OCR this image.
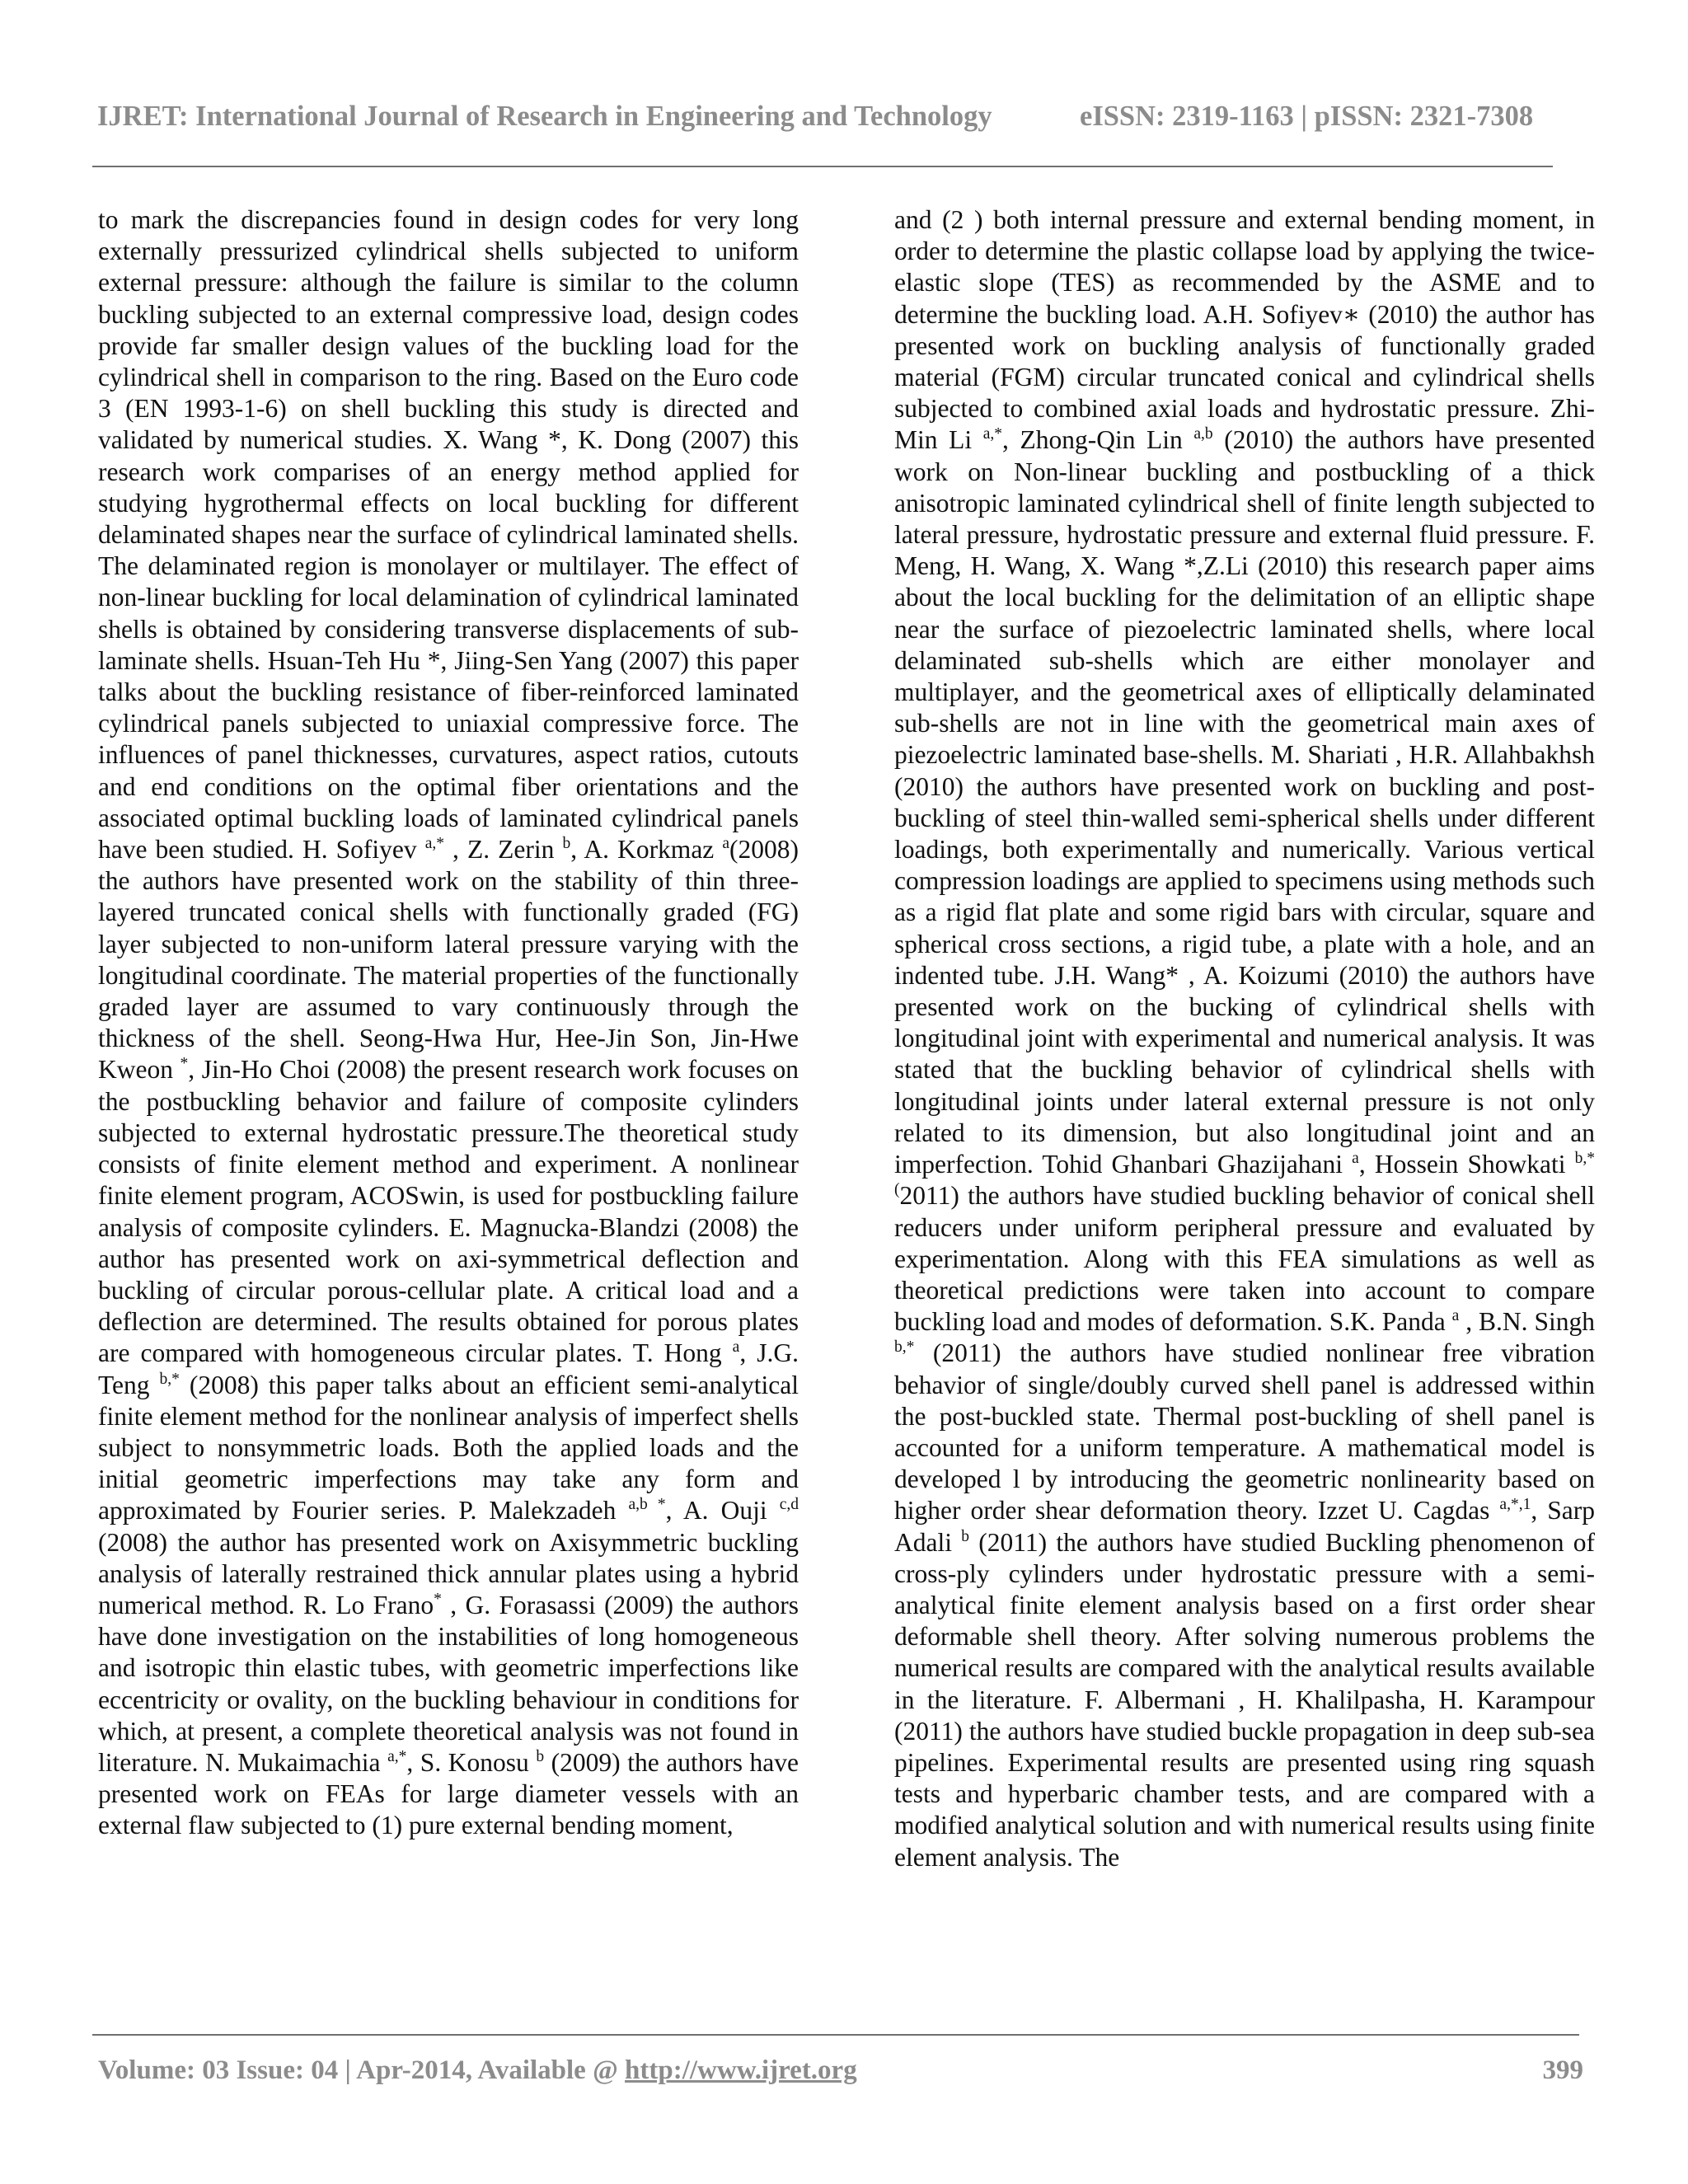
IJRET: International Journal of Research in Engineering and Technology	eISSN: 2319-1163 | pISSN: 2321-7308
to mark the discrepancies found in design codes for very long externally pressurized cylindrical shells subjected to uniform external pressure: although the failure is similar to the column buckling subjected to an external compressive load, design codes provide far smaller design values of the buckling load for the cylindrical shell in comparison to the ring. Based on the Euro code 3 (EN 1993-1-6) on shell buckling this study is directed and validated by numerical studies. X. Wang *, K. Dong (2007) this research work comparises of an energy method applied for studying hygrothermal effects on local buckling for different delaminated shapes near the surface of cylindrical laminated shells. The delaminated region is monolayer or multilayer. The effect of non-linear buckling for local delamination of cylindrical laminated shells is obtained by considering transverse displacements of sub-laminate shells. Hsuan-Teh Hu *, Jiing-Sen Yang (2007) this paper talks about the buckling resistance of fiber-reinforced laminated cylindrical panels subjected to uniaxial compressive force. The influences of panel thicknesses, curvatures, aspect ratios, cutouts and end conditions on the optimal fiber orientations and the associated optimal buckling loads of laminated cylindrical panels have been studied. H. Sofiyev $^{a,*}$ , Z. Zerin $^b$, A. Korkmaz $^a$(2008) the authors have presented work on the stability of thin three-layered truncated conical shells with functionally graded (FG) layer subjected to non-uniform lateral pressure varying with the longitudinal coordinate. The material properties of the functionally graded layer are assumed to vary continuously through the thickness of the shell. Seong-Hwa Hur, Hee-Jin Son, Jin-Hwe Kweon *, Jin-Ho Choi (2008) the present research work focuses on the postbuckling behavior and failure of composite cylinders subjected to external hydrostatic pressure.The theoretical study consists of finite element method and experiment. A nonlinear finite element program, ACOSwin, is used for postbuckling failure analysis of composite cylinders. E. Magnucka-Blandzi (2008) the author has presented work on axi-symmetrical deflection and buckling of circular porous-cellular plate. A critical load and a deflection are determined. The results obtained for porous plates are compared with homogeneous circular plates. T. Hong $^a$, J.G. Teng $^{b,*}$ (2008) this paper talks about an efficient semi-analytical finite element method for the nonlinear analysis of imperfect shells subject to nonsymmetric loads. Both the applied loads and the initial geometric imperfections may take any form and approximated by Fourier series. P. Malekzadeh $^{a,b *}$, A. Ouji $^{c,d}$ (2008) the author has presented work on Axisymmetric buckling analysis of laterally restrained thick annular plates using a hybrid numerical method. R. Lo Frano* , G. Forasassi (2009) the authors have done investigation on the instabilities of long homogeneous and isotropic thin elastic tubes, with geometric imperfections like eccentricity or ovality, on the buckling behaviour in conditions for which, at present, a complete theoretical analysis was not found in literature. N. Mukaimachia $^{a,*}$, S. Konosu $^b$ (2009) the authors have presented work on FEAs for large diameter vessels with an external flaw subjected to (1) pure external bending moment,
and (2 ) both internal pressure and external bending moment, in order to determine the plastic collapse load by applying the twice-elastic slope (TES) as recommended by the ASME and to determine the buckling load. A.H. Sofiyev∗ (2010) the author has presented work on buckling analysis of functionally graded material (FGM) circular truncated conical and cylindrical shells subjected to combined axial loads and hydrostatic pressure. Zhi-Min Li $^{a,*}$, Zhong-Qin Lin $^{a,b}$ (2010) the authors have presented work on Non-linear buckling and postbuckling of a thick anisotropic laminated cylindrical shell of finite length subjected to lateral pressure, hydrostatic pressure and external fluid pressure. F. Meng, H. Wang, X. Wang *,Z.Li (2010) this research paper aims about the local buckling for the delimitation of an elliptic shape near the surface of piezoelectric laminated shells, where local delaminated sub-shells which are either monolayer and multiplayer, and the geometrical axes of elliptically delaminated sub-shells are not in line with the geometrical main axes of piezoelectric laminated base-shells. M. Shariati , H.R. Allahbakhsh (2010) the authors have presented work on buckling and post-buckling of steel thin-walled semi-spherical shells under different loadings, both experimentally and numerically. Various vertical compression loadings are applied to specimens using methods such as a rigid flat plate and some rigid bars with circular, square and spherical cross sections, a rigid tube, a plate with a hole, and an indented tube. J.H. Wang* , A. Koizumi (2010) the authors have presented work on the bucking of cylindrical shells with longitudinal joint with experimental and numerical analysis. It was stated that the buckling behavior of cylindrical shells with longitudinal joints under lateral external pressure is not only related to its dimension, but also longitudinal joint and an imperfection. Tohid Ghanbari Ghazijahani $^a$, Hossein Showkati $^{b,*(}$2011) the authors have studied buckling behavior of conical shell reducers under uniform peripheral pressure and evaluated by experimentation. Along with this FEA simulations as well as theoretical predictions were taken into account to compare buckling load and modes of deformation. S.K. Panda $^a$ , B.N. Singh $^{b,*}$ (2011) the authors have studied nonlinear free vibration behavior of single/doubly curved shell panel is addressed within the post-buckled state. Thermal post-buckling of shell panel is accounted for a uniform temperature. A mathematical model is developed l by introducing the geometric nonlinearity based on higher order shear deformation theory. Izzet U. Cagdas $^{a,*,1}$, Sarp Adali $^b$ (2011) the authors have studied Buckling phenomenon of cross-ply cylinders under hydrostatic pressure with a semi-analytical finite element analysis based on a first order shear deformable shell theory. After solving numerous problems the numerical results are compared with the analytical results available in the literature. F. Albermani , H. Khalilpasha, H. Karampour (2011) the authors have studied buckle propagation in deep sub-sea pipelines. Experimental results are presented using ring squash tests and hyperbaric chamber tests, and are compared with a modified analytical solution and with numerical results using finite element analysis. The
Volume: 03 Issue: 04 | Apr-2014, Available @ http://www.ijret.org	399
